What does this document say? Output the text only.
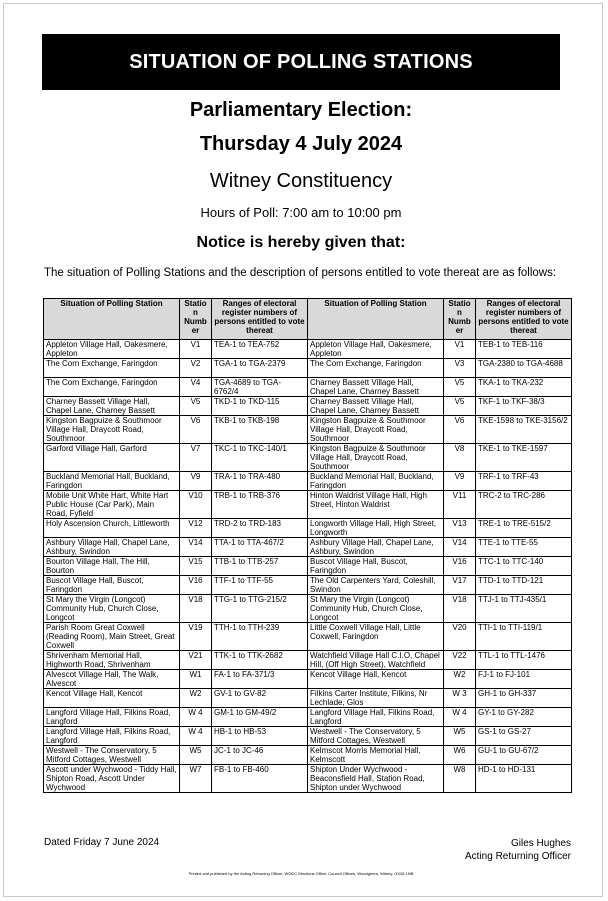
SITUATION OF POLLING STATIONS
Parliamentary Election:
Thursday 4 July 2024
Witney Constituency
Hours of Poll: 7:00 am to 10:00 pm
Notice is hereby given that:
The situation of Polling Stations and the description of persons entitled to vote thereat are as follows:
Situation of Polling Station	Station Number	Ranges of electoral register numbers of persons entitled to vote thereat	Situation of Polling Station	Station Number	Ranges of electoral register numbers of persons entitled to vote thereat
Appleton Village Hall, Oakesmere, Appleton	V1	TEA-1 to TEA-752	Appleton Village Hall, Oakesmere, Appleton	V1	TEB-1 to TEB-116
The Corn Exchange, Faringdon	V2	TGA-1 to TGA-2379	The Corn Exchange, Faringdon	V3	TGA-2380 to TGA-4688
The Corn Exchange, Faringdon	V4	TGA-4689 to TGA-6762/4	Charney Bassett Village Hall, Chapel Lane, Charney Bassett	V5	TKA-1 to TKA-232
Charney Bassett Village Hall, Chapel Lane, Charney Bassett	V5	TKD-1 to TKD-115	Charney Bassett Village Hall, Chapel Lane, Charney Bassett	V5	TKF-1 to TKF-38/3
Kingston Bagpuize & Southmoor Village Hall, Draycott Road, Southmoor	V6	TKB-1 to TKB-198	Kingston Bagpuize & Southmoor Village Hall, Draycott Road, Southmoor	V6	TKE-1598 to TKE-3156/2
Garford Village Hall, Garford	V7	TKC-1 to TKC-140/1	Kingston Bagpuize & Southmoor Village Hall, Draycott Road, Southmoor	V8	TKE-1 to TKE-1597
Buckland Memorial Hall, Buckland, Faringdon	V9	TRA-1 to TRA-480	Buckland Memorial Hall, Buckland, Faringdon	V9	TRF-1 to TRF-43
Mobile Unit White Hart, White Hart Public House (Car Park), Main Road, Fyfield	V10	TRB-1 to TRB-376	Hinton Waldrist Village Hall, High Street, Hinton Waldrist	V11	TRC-2 to TRC-286
Holy Ascension Church, Littleworth	V12	TRD-2 to TRD-183	Longworth Village Hall, High Street, Longworth	V13	TRE-1 to TRE-515/2
Ashbury Village Hall, Chapel Lane, Ashbury, Swindon	V14	TTA-1 to TTA-467/2	Ashbury Village Hall, Chapel Lane, Ashbury, Swindon	V14	TTE-1 to TTE-55
Bourton Village Hall, The Hill, Bourton	V15	TTB-1 to TTB-257	Buscot Village Hall, Buscot, Faringdon	V16	TTC-1 to TTC-140
Buscot Village Hall, Buscot, Faringdon	V16	TTF-1 to TTF-55	The Old Carpenters Yard, Coleshill, Swindon	V17	TTD-1 to TTD-121
St Mary the Virgin (Longcot) Community Hub, Church Close, Longcot	V18	TTG-1 to TTG-215/2	St Mary the Virgin (Longcot) Community Hub, Church Close, Longcot	V18	TTJ-1 to TTJ-435/1
Parish Room Great Coxwell (Reading Room), Main Street, Great Coxwell	V19	TTH-1 to TTH-239	Little Coxwell Village Hall, Little Coxwell, Faringdon	V20	TTI-1 to TTI-119/1
Shrivenham Memorial Hall, Highworth Road, Shrivenham	V21	TTK-1 to TTK-2682	Watchfield Village Hall C.I.O, Chapel Hill, (Off High Street), Watchfield	V22	TTL-1 to TTL-1476
Alvescot Village Hall, The Walk, Alvescot	W1	FA-1 to FA-371/3	Kencot Village Hall, Kencot	W2	FJ-1 to FJ-101
Kencot Village Hall, Kencot	W2	GV-1 to GV-82	Filkins Carter Institute, Filkins, Nr Lechlade, Glos	W 3	GH-1 to GH-337
Langford Village Hall, Filkins Road, Langford	W 4	GM-1 to GM-49/2	Langford Village Hall, Filkins Road, Langford	W 4	GY-1 to GY-282
Langford Village Hall, Filkins Road, Langford	W 4	HB-1 to HB-53	Westwell - The Conservatory, 5 Mitford Cottages, Westwell	W5	GS-1 to GS-27
Westwell - The Conservatory, 5 Mitford Cottages, Westwell	W5	JC-1 to JC-46	Kelmscot Morris Memorial Hall, Kelmscott	W6	GU-1 to GU-67/2
Ascott under Wychwood - Tiddy Hall, Shipton Road, Ascott Under Wychwood	W7	FB-1 to FB-460	Shipton Under Wychwood - Beaconsfield Hall, Station Road, Shipton under Wychwood	W8	HD-1 to HD-131
Dated Friday 7 June 2024	Giles Hughes
Acting Returning Officer
Printed and published by the Acting Returning Officer, WODC Elections Office, Council Offices, Woodgreen, Witney, OX28 1NB
